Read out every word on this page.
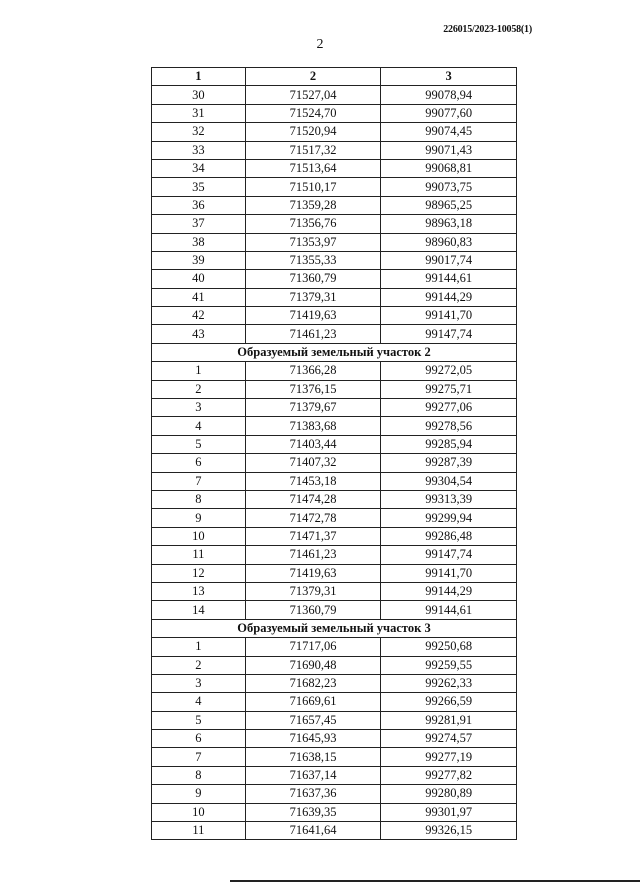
226015/2023-10058(1)
2
1	2	3
30	71527,04	99078,94
31	71524,70	99077,60
32	71520,94	99074,45
33	71517,32	99071,43
34	71513,64	99068,81
35	71510,17	99073,75
36	71359,28	98965,25
37	71356,76	98963,18
38	71353,97	98960,83
39	71355,33	99017,74
40	71360,79	99144,61
41	71379,31	99144,29
42	71419,63	99141,70
43	71461,23	99147,74
Образуемый земельный участок 2		
1	71366,28	99272,05
2	71376,15	99275,71
3	71379,67	99277,06
4	71383,68	99278,56
5	71403,44	99285,94
6	71407,32	99287,39
7	71453,18	99304,54
8	71474,28	99313,39
9	71472,78	99299,94
10	71471,37	99286,48
11	71461,23	99147,74
12	71419,63	99141,70
13	71379,31	99144,29
14	71360,79	99144,61
Образуемый земельный участок 3		
1	71717,06	99250,68
2	71690,48	99259,55
3	71682,23	99262,33
4	71669,61	99266,59
5	71657,45	99281,91
6	71645,93	99274,57
7	71638,15	99277,19
8	71637,14	99277,82
9	71637,36	99280,89
10	71639,35	99301,97
11	71641,64	99326,15
